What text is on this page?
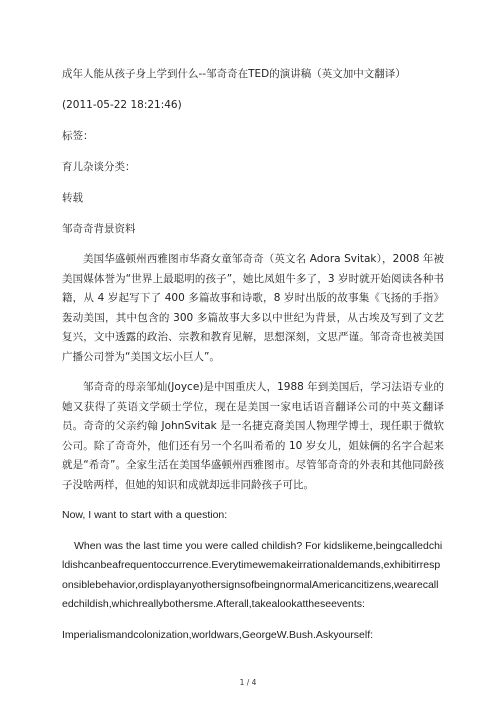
成年人能从孩子身上学到什么--邹奇奇在TED的演讲稿（英文加中文翻译）

(2011-05-22 18:21:46)

标签：

育儿杂谈分类：

转载

邹奇奇背景资料

美国华盛顿州西雅图市华裔女童邹奇奇（英文名 Adora Svitak），2008 年被美国媒体誉为“世界上最聪明的孩子”，她比凤姐牛多了，3 岁时就开始阅读各种书籍，从 4 岁起写下了 400 多篇故事和诗歌，8 岁时出版的故事集《飞扬的手指》轰动美国，其中包含的 300 多篇故事大多以中世纪为背景，从古埃及写到了文艺复兴，文中透露的政治、宗教和教育见解，思想深刻，文思严谨。邹奇奇也被美国广播公司誉为“美国文坛小巨人”。

邹奇奇的母亲邹灿(Joyce)是中国重庆人，1988 年到美国后，学习法语专业的她又获得了英语文学硕士学位，现在是美国一家电话语音翻译公司的中英文翻译员。奇奇的父亲约翰 JohnSvitak 是一名捷克裔美国人物理学博士，现任职于微软公司。除了奇奇外，他们还有另一个名叫希希的 10 岁女儿，姐妹俩的名字合起来就是“希奇”。全家生活在美国华盛顿州西雅图市。尽管邹奇奇的外表和其他同龄孩子没啥两样，但她的知识和成就却远非同龄孩子可比。

Now, I want to start with a question:

When was the last time you were called childish? For kidslikeme,beingcalledchildishcanbeafrequentoccurrence.Everytimewemakeirrationaldemands,exhibitirresponsiblebehavior,ordisplayanyothersignsofbeingnormalAmericancitizens,wearecalledchildish,whichreallybothersme.Afterall,takealookattheseevents:

Imperialismandcolonization,worldwars,GeorgeW.Bush.Askyourself:

1 / 4
